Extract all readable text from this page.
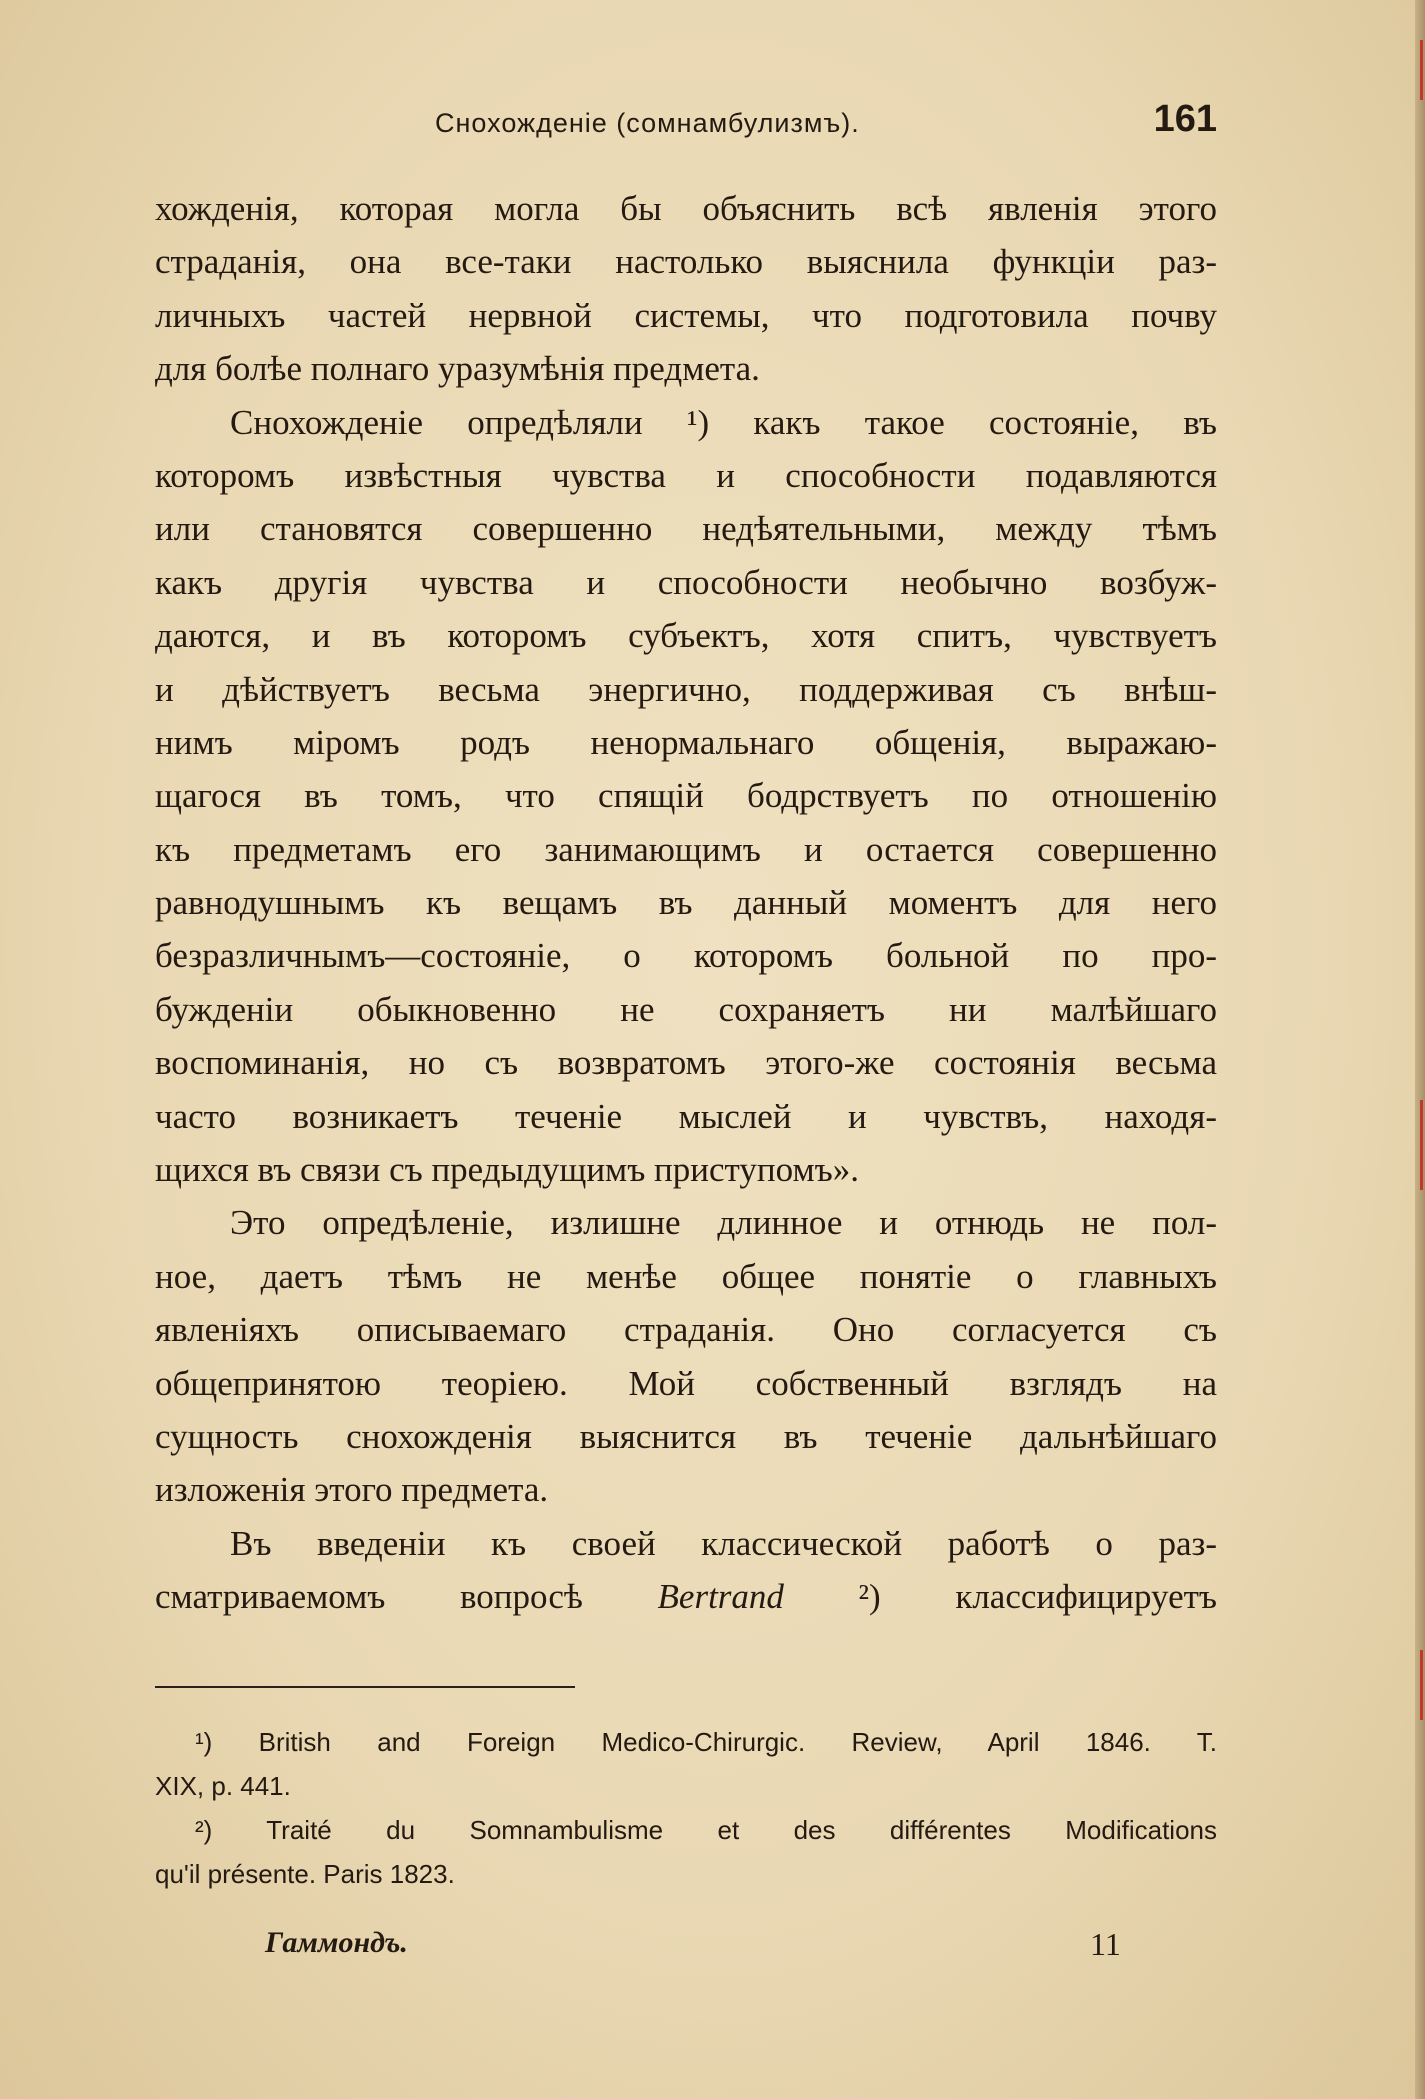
Снохожденіе (сомнамбулизмъ).	161
хожденія, которая могла бы объяснить всѣ явленія этого
страданія, она все-таки настолько выяснила функціи раз-
личныхъ частей нервной системы, что подготовила почву
для болѣе полнаго уразумѣнія предмета.
Снохожденіе опредѣляли ¹) какъ такое состояніе, въ
которомъ извѣстныя чувства и способности подавляются
или становятся совершенно недѣятельными, между тѣмъ
какъ другія чувства и способности необычно возбуж-
даются, и въ которомъ субъектъ, хотя спитъ, чувствуетъ
и дѣйствуетъ весьма энергично, поддерживая съ внѣш-
нимъ міромъ родъ ненормальнаго общенія, выражаю-
щагося въ томъ, что спящій бодрствуетъ по отношенію
къ предметамъ его занимающимъ и остается совершенно
равнодушнымъ къ вещамъ въ данный моментъ для него
безразличнымъ—состояніе, о которомъ больной по про-
бужденіи обыкновенно не сохраняетъ ни малѣйшаго
воспоминанія, но съ возвратомъ этого-же состоянія весьма
часто возникаетъ теченіе мыслей и чувствъ, находя-
щихся въ связи съ предыдущимъ приступомъ».
Это опредѣленіе, излишне длинное и отнюдь не пол-
ное, даетъ тѣмъ не менѣе общее понятіе о главныхъ
явленіяхъ описываемаго страданія. Оно согласуется съ
общепринятою теоріею. Мой собственный взглядъ на
сущность снохожденія выяснится въ теченіе дальнѣйшаго
изложенія этого предмета.
Въ введеніи къ своей классической работѣ о раз-
сматриваемомъ вопросѣ Bertrand ²) классифицируетъ
¹) British and Foreign Medico-Chirurgic. Review, April 1846. T.
XIX, p. 441.
²) Traité du Somnambulisme et des différentes Modifications
qu'il présente. Paris 1823.
Гаммондъ.	11
